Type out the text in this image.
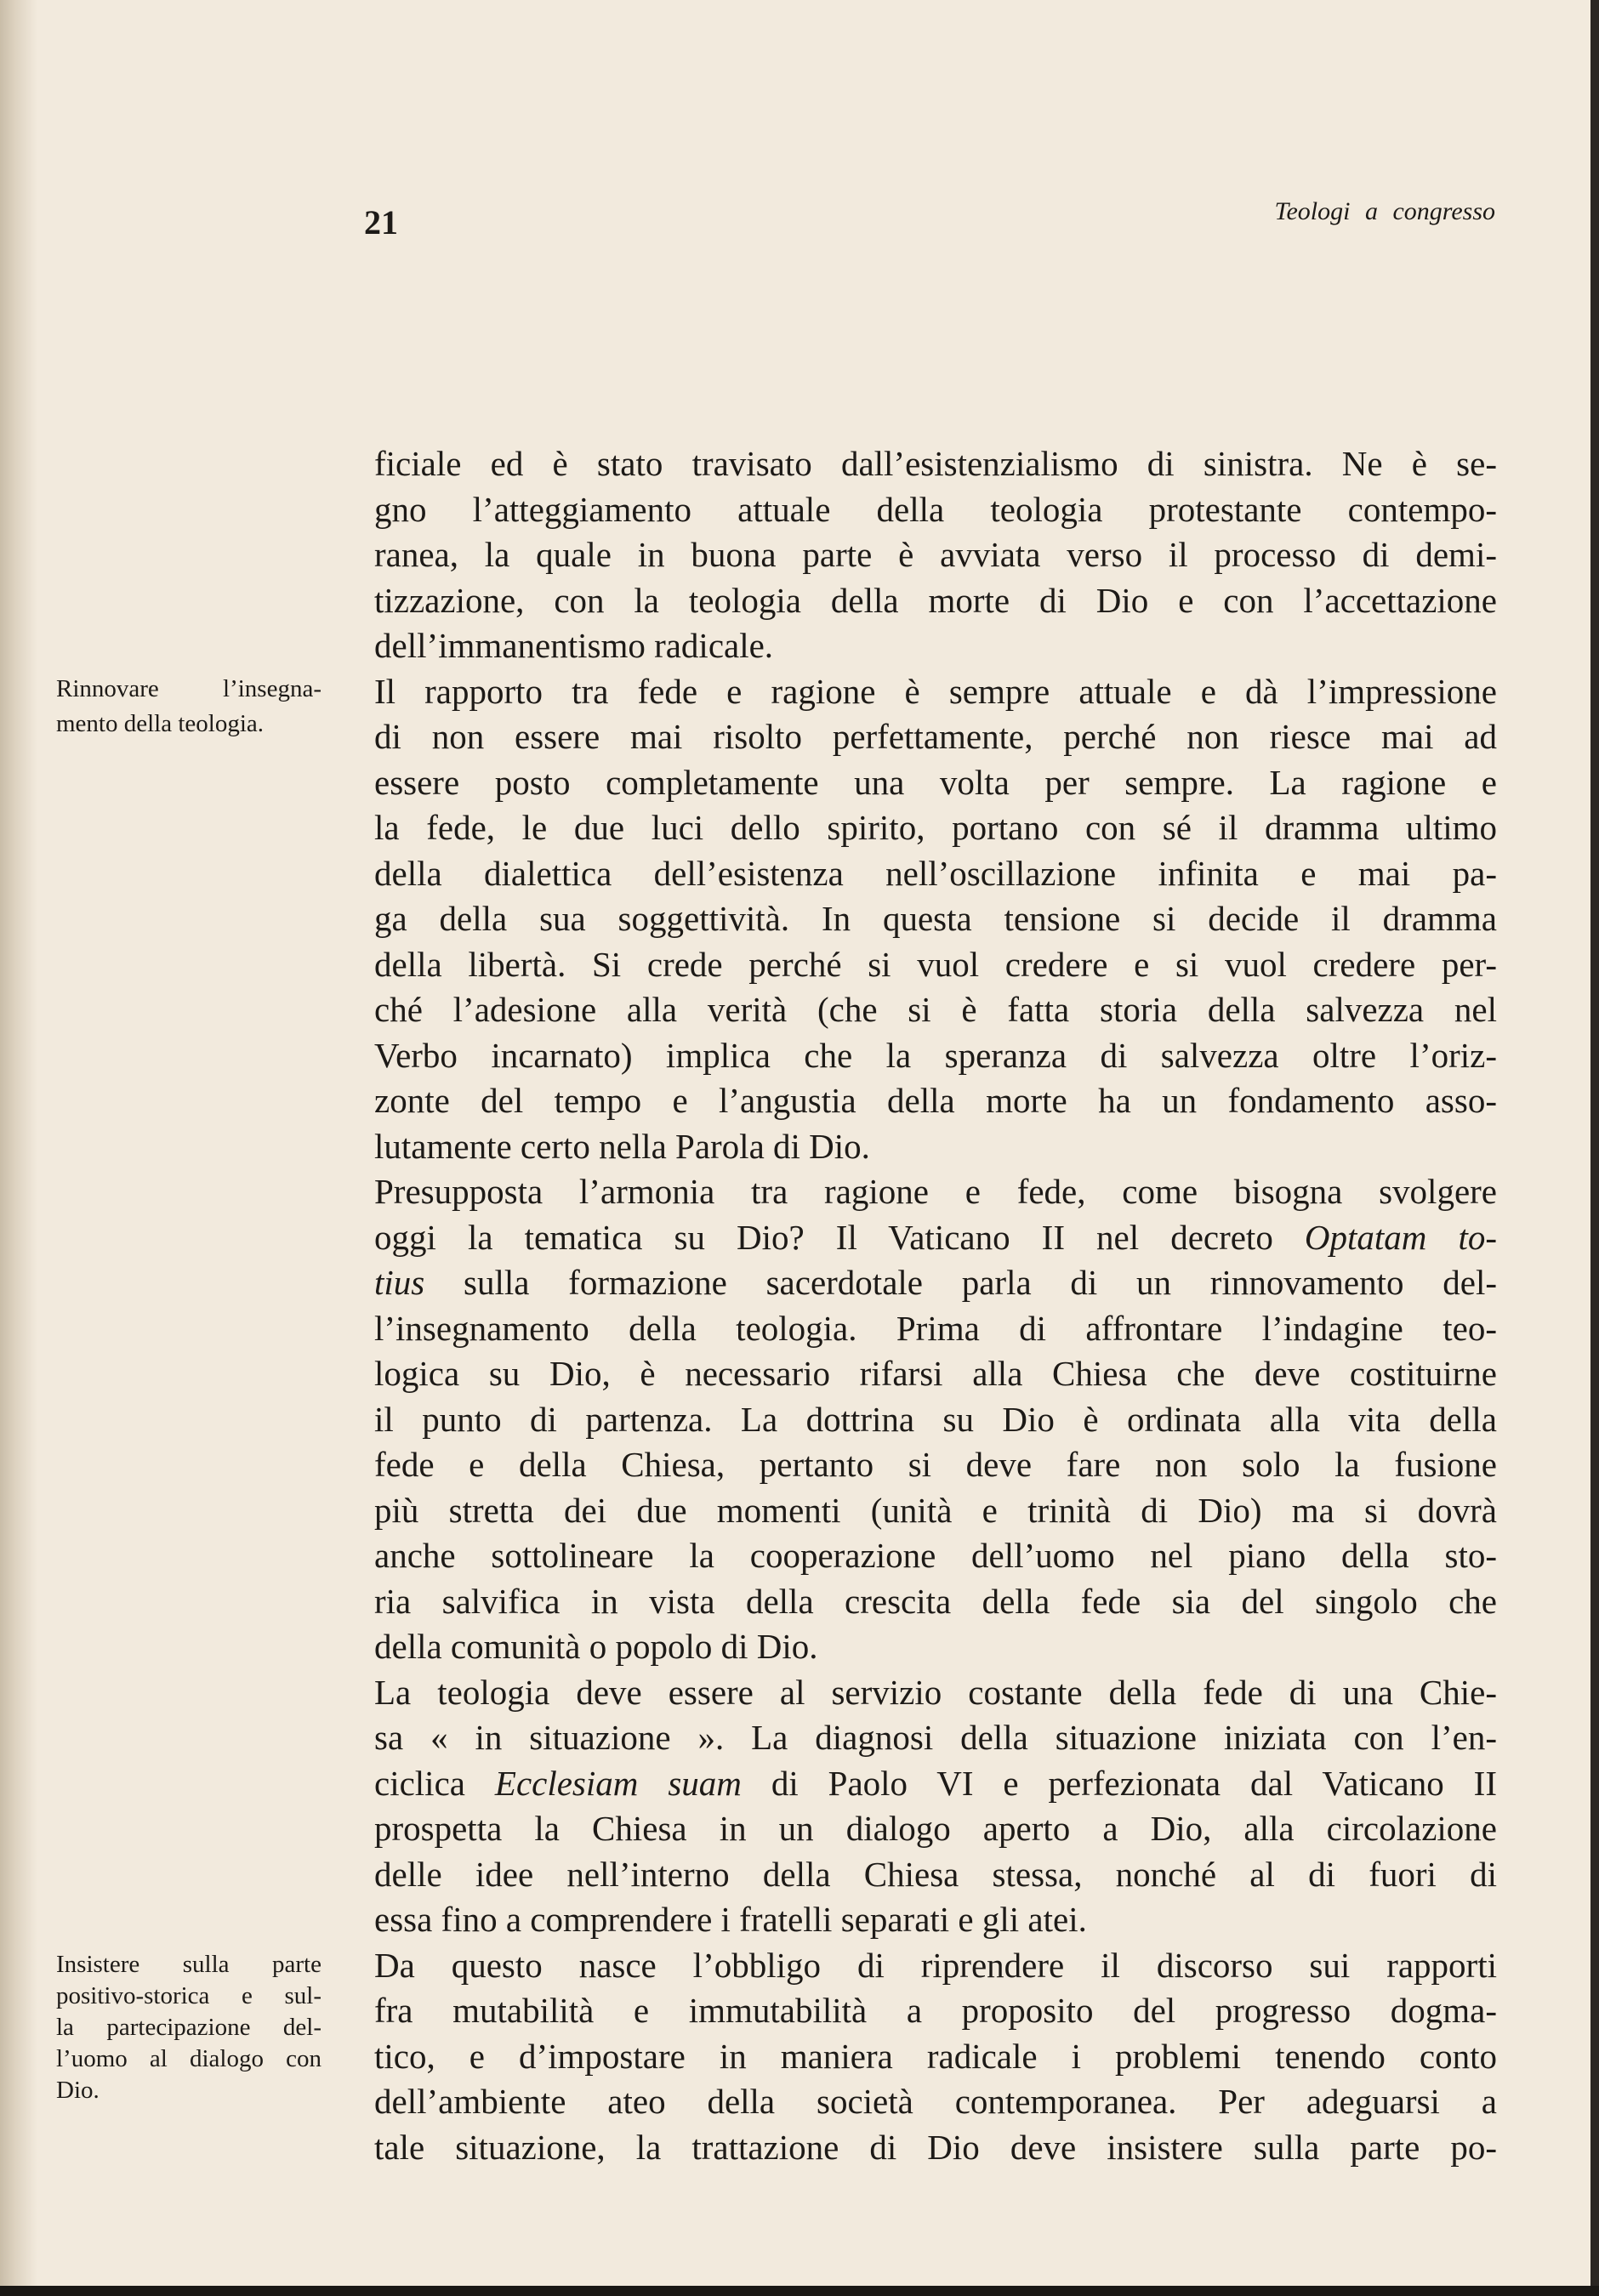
21	Teologi a congresso
Rinnovare l’insegna-
mento della teologia.
Insistere sulla parte
positivo-storica e sul-
la partecipazione del-
l’uomo al dialogo con
Dio.
ficiale ed è stato travisato dall’esistenzialismo di sinistra. Ne è se-
gno l’atteggiamento attuale della teologia protestante contempo-
ranea, la quale in buona parte è avviata verso il processo di demi-
tizzazione, con la teologia della morte di Dio e con l’accettazione
dell’immanentismo radicale.
Il rapporto tra fede e ragione è sempre attuale e dà l’impressione
di non essere mai risolto perfettamente, perché non riesce mai ad
essere posto completamente una volta per sempre. La ragione e
la fede, le due luci dello spirito, portano con sé il dramma ultimo
della dialettica dell’esistenza nell’oscillazione infinita e mai pa-
ga della sua soggettività. In questa tensione si decide il dramma
della libertà. Si crede perché si vuol credere e si vuol credere per-
ché l’adesione alla verità (che si è fatta storia della salvezza nel
Verbo incarnato) implica che la speranza di salvezza oltre l’oriz-
zonte del tempo e l’angustia della morte ha un fondamento asso-
lutamente certo nella Parola di Dio.
Presupposta l’armonia tra ragione e fede, come bisogna svolgere
oggi la tematica su Dio? Il Vaticano II nel decreto Optatam to-
tius sulla formazione sacerdotale parla di un rinnovamento del-
l’insegnamento della teologia. Prima di affrontare l’indagine teo-
logica su Dio, è necessario rifarsi alla Chiesa che deve costituirne
il punto di partenza. La dottrina su Dio è ordinata alla vita della
fede e della Chiesa, pertanto si deve fare non solo la fusione
più stretta dei due momenti (unità e trinità di Dio) ma si dovrà
anche sottolineare la cooperazione dell’uomo nel piano della sto-
ria salvifica in vista della crescita della fede sia del singolo che
della comunità o popolo di Dio.
La teologia deve essere al servizio costante della fede di una Chie-
sa « in situazione ». La diagnosi della situazione iniziata con l’en-
ciclica Ecclesiam suam di Paolo VI e perfezionata dal Vaticano II
prospetta la Chiesa in un dialogo aperto a Dio, alla circolazione
delle idee nell’interno della Chiesa stessa, nonché al di fuori di
essa fino a comprendere i fratelli separati e gli atei.
Da questo nasce l’obbligo di riprendere il discorso sui rapporti
fra mutabilità e immutabilità a proposito del progresso dogma-
tico, e d’impostare in maniera radicale i problemi tenendo conto
dell’ambiente ateo della società contemporanea. Per adeguarsi a
tale situazione, la trattazione di Dio deve insistere sulla parte po-
